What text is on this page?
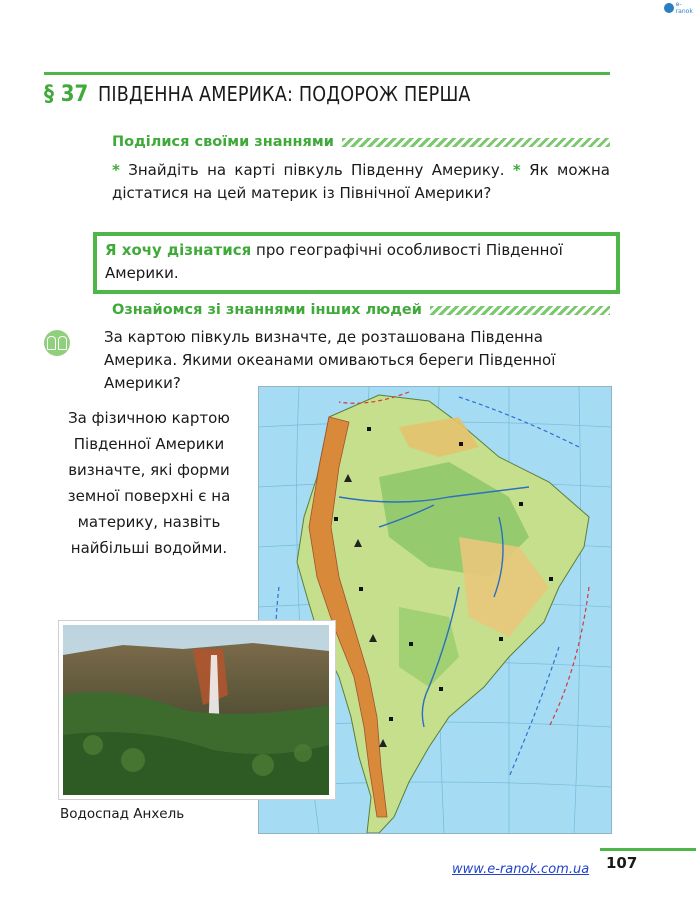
e-ranok
§ 37 ПІВДЕННА АМЕРИКА: ПОДОРОЖ ПЕРША
Поділися своїми знаннями
* Знайдіть на карті півкуль Південну Америку. * Як можна дістатися на цей материк із Північної Америки?
Я хочу дізнатися про географічні особливості Південної Америки.
Ознайомся зі знаннями інших людей
За картою півкуль визначте, де розташована Південна
Америка. Якими океанами омиваються береги Південної
Америки?
За фізичною картою
Південної Америки
визначте, які форми
земної поверхні є на
материку, назвіть
найбільші водойми.
Водоспад Анхель
107
www.e-ranok.com.ua
